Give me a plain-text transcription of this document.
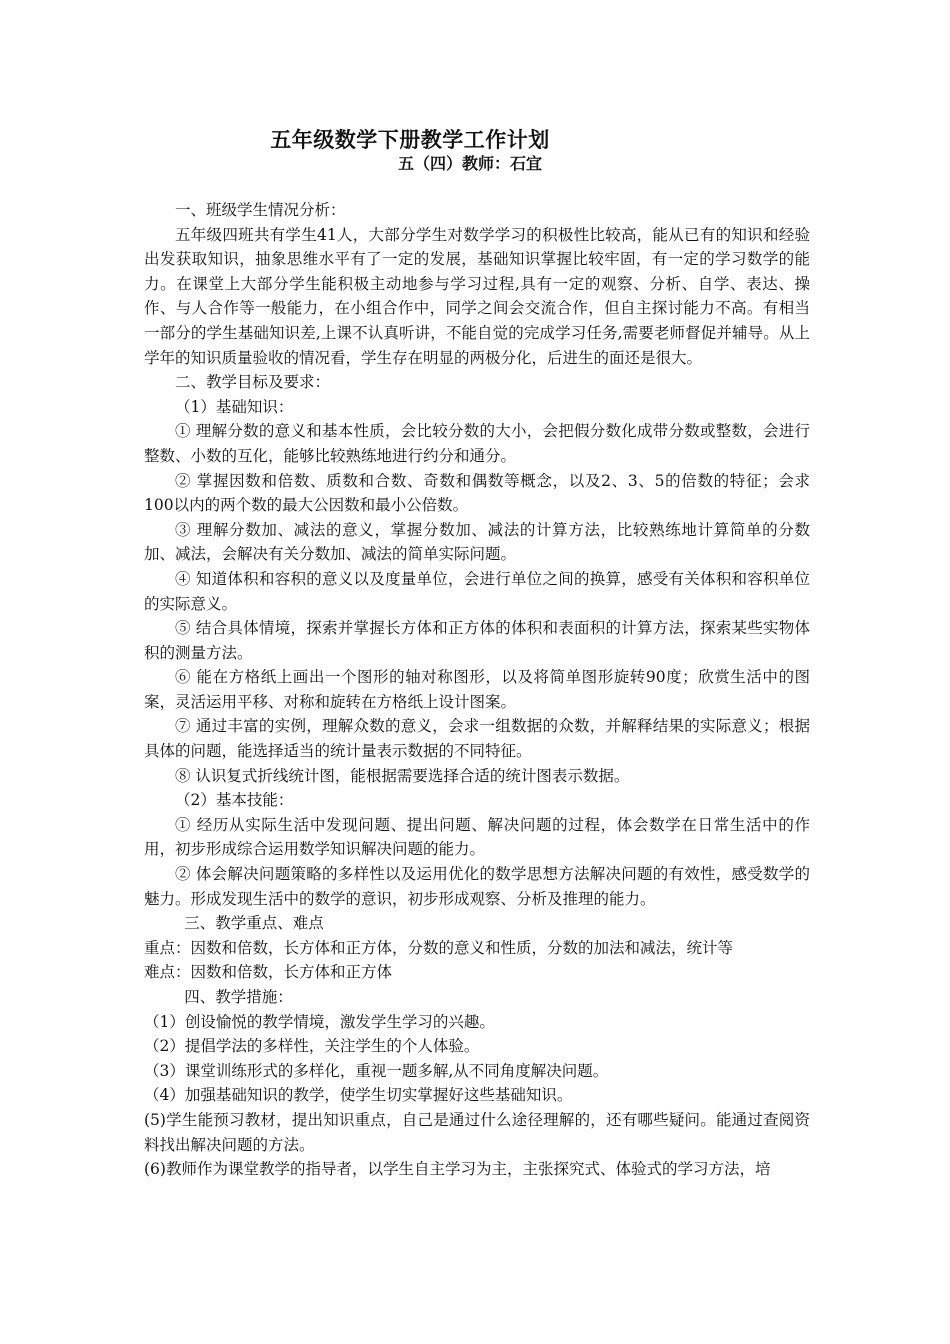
五年级数学下册教学工作计划
五（四）教师：石宜

一、班级学生情况分析：

五年级四班共有学生41人，大部分学生对数学学习的积极性比较高，能从已有的知识和经验出发获取知识，抽象思维水平有了一定的发展，基础知识掌握比较牢固，有一定的学习数学的能力。在课堂上大部分学生能积极主动地参与学习过程,具有一定的观察、分析、自学、表达、操作、与人合作等一般能力，在小组合作中，同学之间会交流合作，但自主探讨能力不高。有相当一部分的学生基础知识差,上课不认真听讲，不能自觉的完成学习任务,需要老师督促并辅导。从上学年的知识质量验收的情况看，学生存在明显的两极分化，后进生的面还是很大。

二、教学目标及要求：

（1）基础知识：

① 理解分数的意义和基本性质，会比较分数的大小，会把假分数化成带分数或整数，会进行整数、小数的互化，能够比较熟练地进行约分和通分。

② 掌握因数和倍数、质数和合数、奇数和偶数等概念，以及2、3、5的倍数的特征；会求100以内的两个数的最大公因数和最小公倍数。

③ 理解分数加、减法的意义，掌握分数加、减法的计算方法，比较熟练地计算简单的分数加、减法，会解决有关分数加、减法的简单实际问题。

④ 知道体积和容积的意义以及度量单位，会进行单位之间的换算，感受有关体积和容积单位的实际意义。

⑤ 结合具体情境，探索并掌握长方体和正方体的体积和表面积的计算方法，探索某些实物体积的测量方法。

⑥ 能在方格纸上画出一个图形的轴对称图形，以及将简单图形旋转90度；欣赏生活中的图案，灵活运用平移、对称和旋转在方格纸上设计图案。

⑦ 通过丰富的实例，理解众数的意义，会求一组数据的众数，并解释结果的实际意义；根据具体的问题，能选择适当的统计量表示数据的不同特征。

⑧ 认识复式折线统计图，能根据需要选择合适的统计图表示数据。

（2）基本技能：

① 经历从实际生活中发现问题、提出问题、解决问题的过程，体会数学在日常生活中的作用，初步形成综合运用数学知识解决问题的能力。

② 体会解决问题策略的多样性以及运用优化的数学思想方法解决问题的有效性，感受数学的魅力。形成发现生活中的数学的意识，初步形成观察、分析及推理的能力。

三、教学重点、难点

重点：因数和倍数，长方体和正方体，分数的意义和性质，分数的加法和减法，统计等

难点：因数和倍数，长方体和正方体

四、教学措施：

（1）创设愉悦的教学情境，激发学生学习的兴趣。

（2）提倡学法的多样性，关注学生的个人体验。

（3）课堂训练形式的多样化，重视一题多解,从不同角度解决问题。

（4）加强基础知识的教学，使学生切实掌握好这些基础知识。

(5)学生能预习教材，提出知识重点，自己是通过什么途径理解的，还有哪些疑问。能通过查阅资料找出解决问题的方法。

(6)教师作为课堂教学的指导者，以学生自主学习为主，主张探究式、体验式的学习方法，培
